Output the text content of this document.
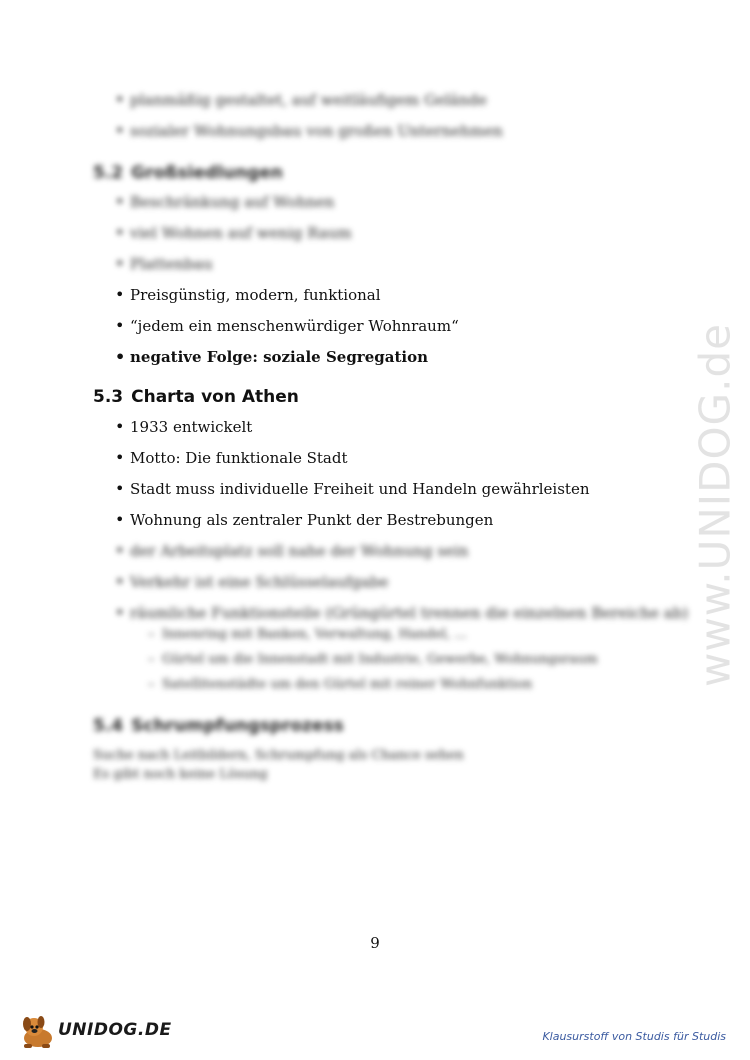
www.UNIDOG.de
• planmäßig gestaltet, auf weitläufigem Gelände
• sozialer Wohnungsbau von großen Unternehmen
5.2 Großsiedlungen
• Beschränkung auf Wohnen
• viel Wohnen auf wenig Raum
• Plattenbau
• Preisgünstig, modern, funktional
• “jedem ein menschenwürdiger Wohnraum“
• negative Folge: soziale Segregation
5.3 Charta von Athen
• 1933 entwickelt
• Motto: Die funktionale Stadt
• Stadt muss individuelle Freiheit und Handeln gewährleisten
• Wohnung als zentraler Punkt der Bestrebungen
• der Arbeitsplatz soll nahe der Wohnung sein
• Verkehr ist eine Schlüsselaufgabe
• räumliche Funktionsteile (Grüngürtel trennen die einzelnen Bereiche ab)
– Innenring mit Banken, Verwaltung, Handel, ...
– Gürtel um die Innenstadt mit Industrie, Gewerbe, Wohnungsraum
– Satellitenstädte um den Gürtel mit reiner Wohnfunktion
5.4 Schrumpfungsprozess

Suche nach Leitbildern, Schrumpfung als Chance sehen

Es gibt noch keine Lösung

9
UNIDOG.DE	Klausurstoff von Studis für Studis
